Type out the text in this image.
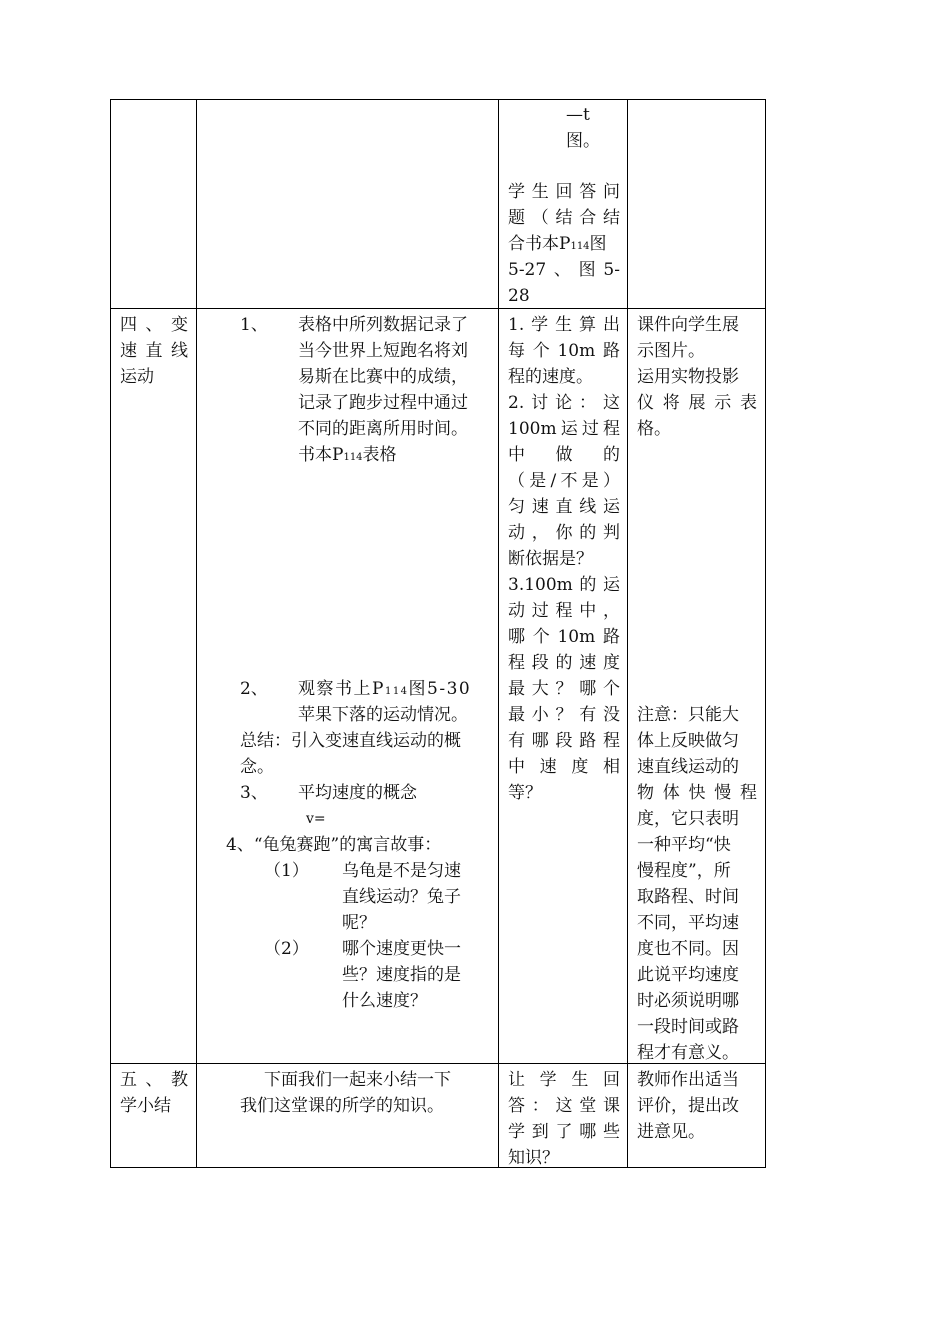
—t
图。
学生回答问
题（结合结
合书本P114图
5-27、图5-
28
四、变
速直线
运动
1、 表格中所列数据记录了
当今世界上短跑名将刘
易斯在比赛中的成绩，
记录了跑步过程中通过
不同的距离所用时间。
书本P114表格
2、 观察书上P114图5-30
苹果下落的运动情况。
总结：引入变速直线运动的概
念。
3、 平均速度的概念
v=
4、“龟兔赛跑”的寓言故事：
（1） 乌龟是不是匀速
直线运动？兔子
呢？
（2） 哪个速度更快一
些？速度指的是
什么速度？
1.学生算出
每个10m路
程的速度。
2.讨论：这
100m运过程
中　做　的
（是/不是）
匀速直线运
动，你的判
断依据是？
3.100m的运
动过程中，
哪个10m路
程段的速度
最大？哪个
最小？有没
有哪段路程
中速度相
等？
课件向学生展
示图片。
运用实物投影
仪将展示表
格。
注意：只能大
体上反映做匀
速直线运动的
物体快慢程
度，它只表明
一种平均“快
慢程度”，所
取路程、时间
不同，平均速
度也不同。因
此说平均速度
时必须说明哪
一段时间或路
程才有意义。
五、教
学小结
下面我们一起来小结一下
我们这堂课的所学的知识。
让学生回
答：这堂课
学到了哪些
知识？
教师作出适当
评价，提出改
进意见。
